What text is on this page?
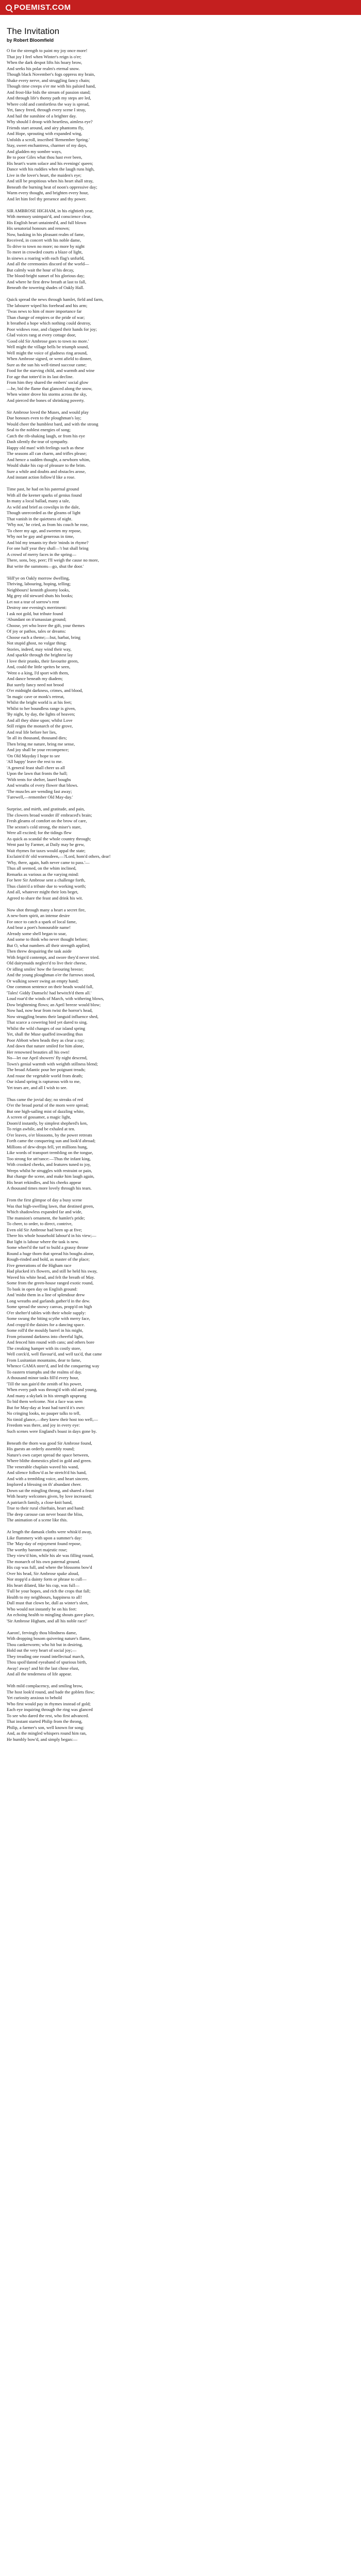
POEMIST.COM
The Invitation
by Robert Bloomfield
O for the strength to paint my joy once more!
That joy I feel when Winter's reign is o'er;
When the dark despot lifts his hoary brow,
And seeks his polar realm's eternal snow.
Though black November's fogs oppress my brain,
Shake every nerve, and struggling fancy chain;
Though time creeps o'er me with his palsied hand,
And frost-like bids the stream of passion stand;
And through life's thorny path my steps are led,
Where cold and comfortless the way is spread,
Yet, fancy freed, through every scene I stray,
And hail the sunshine of a brighter day.
Why should I droop with heartless, aimless eye?
Friends start around, and airy phantoms fly,
And Hope, sprouting with expanded wing,
Unfolds a scroll, inscribed 'Remember Spring.'
Stay, sweet enchantress, charmer of my days,
And gladden my sombre ways,
Be to poor Giles what thou hast ever been,
His heart's warm solace and his evenings' queen;
Dance with his ruddies when the laugh runs high,
Live in the lover's heart, the maiden's eye;
And still be propitious when his heart shall stray,
Beneath the burning heat of noon's oppressive day;
Warm every thought, and brighten every hour,
And let him feel thy presence and thy power.
SIR AMBROSE HIGHAM, in his eightieth year,
With memory unimpair'd, and conscience clear,
His English heart untainted'd, and full blown
His senatorial honours and renown;
Now, basking in his pleasant realm of fame,
Received, in concert with his noble dame,
To drive to town no more; no more by night
To meet in crowded courts a blaze of light,
In sinews a roaring with each flag's unfurld,
And all the ceremonies discord of the world—
But calmly wait the hour of his decay,
The blood-bright sunset of his glorious day;
And where he first drew breath at last to fall,
Beneath the towering shades of Oakly Hall.
Quick spread the news through hamlet, field and farm,
The labourer wiped his forehead and his arm;
'Twas news to him of more importance far
Than change of empires or the pride of war;
It breathed a hope which nothing could destroy,
Poor widows rose, and clapped their hands for joy;
Glad voices rang at every cottage door,
'Good old Sir Ambrose goes to town no more.'
Well might the village bells be triumph sound,
Well might the voice of gladness ring around,
When Ambrose signed, or went afield to dinner,
Sure as the sun his well-timed succour came;
Food for the starving child, and warmth and wine
For age that totter'd in its last decline.
From him they shared the embers' social glow
—he, bid the flame that glanced along the snow,
When winter drove his storms across the sky,
And pierced the bones of shrinking poverty.
Sir Ambrose loved the Muses, and would play
Due honours even to the ploughman's lay;
Would cheer the humblest bard, and with the strong
Seal to the noblest energies of song;
Catch the rib-shaking laugh, or from his eye
Dash silently the tear of sympathy.
Happy old man! with feelings such as these
The seasons all can charm, and trifles please;
And hence a sudden thought, a newborn whim,
Would shake his cup of pleasure to the brim.
Sure a while and doubts and obstacles arose,
And instant action follow'd like a rose.
Time past, he had on his paternal ground
With all the keener sparks of genius found
In many a local ballad, many a tale,
As wild and brief as cowslips in the dale,
Though unrecorded as the gleams of light
That vanish in the quietness of night.
'Why not,' he cried, as from his couch he rose,
'To cheer my age, and sweeten my repose,
Why not be gay and generous in time,
And bid my tenants try their 'minds in rhyme?
For one half year they shall—'t but shall bring
A crowd of merry faces in the spring—
There, sons, boy, peer; I'll weigh the cause no more,
But write the summons—go, shut the door.'
'Hill'ye on Oakly morrow dwelling,
Thriving, labouring, hoping, telling;
Neighbours! kennith gloomy looks,
Mg grey old steward shuts his books;
Let not a tear of sorrow's rent
Destroy one evening's merriment:
I ask not gold, but tribute found
'Abundant on it'umassian ground;
Choose, yet who leave the gift, your themes
Of joy or pathos, tales or dreams:
Choose each a theme;—but, harbat, bring
Not stupid ghost, no vulgar thing;
Stories, indeed, may wind their way,
And sparkle through the brightest lay
I love their pranks, their favourite green,
And, could the little sprites be seen,
'Went o a king, I'd sport with them,
And dance beneath my diadem;
But surely fancy need not brood
O'er midnight darkness, crimes, and blood,
'In magic cave or monk's retreat,
Whilst the bright world is at his feet;
Whilst to her boundless range is given,
'By night, by day, the lights of heaven;
And all they shine upon; whilst Love
Still reigns the monarch of the grove,
And real life before her lies,
'In all its thousand, thousand dies;
Then bring me nature, bring me sense,
And joy shall be your recompence;
'On Old Mayday I hope to see
'All happy' leave the rest to me.
'A general feast shall cheer us all
Upon the lawn that fronts the hall;
'With tents for shelter, laurel boughs
And wreaths of every flower that blows.
'The muscles are wending fast away;
'Farewell,—remember Old May-day.'
Surprise, and mirth, and gratitude, and pain,
The clowers broad wonder ill' embraced's brain;
Fresh gleams of comfort on the brow of care,
The sexton's cold strong, the miser's stare,
Were all excited; for the tidings flew
As quick as scandal the whole country through;
Went past by Farmer, at Daily may be grew,
Wait rhymes for taxes would appal the state;
Exclaim'd th' old wormsdeen,—?Lord, hom'd others, dear!
'Why, there, again, hath never came to pass.'—
Thus all seemed, on the whim inclined,
Remarks as various as the varying mind:
For here Sir Ambrose sent a challenge forth,
Thus claim'd a tribute due to working worth;
And all, whatever might their lots beget,
Agreed to share the feast and drink his wit.
Now shot through many a heart a secret fire,
A new-born spirit, an intense desire
For once to catch a spark of local fame,
And bear a poet's honourable name!
Already some shell began to soar,
And some to think who never thought before;
But O, what numbers all their strength applied;
Then threw despairing the task aside
With feign'd contempt, and swore they'd never tried.
Old dairymaids neglect'd to live their cheese,
Or idling smiles' how the favouring breeze;
And the young ploughman o'er the furrows stood,
Or walking sower swing an empty hand;
One common sentence on their heads would fall,
'Tales! Giddy Damsels! had bewitch'd them all.'
Loud roar'd the winds of March, with withering blows,
Dow brightening flows; an April breeze would blow;
Now had, now hear from twist the horror's head,
Now struggling beams their languid influence shed,
That scarce a cowering bird yet dared to sing.
Whilst the wild changes of our island spring
Yet, shall the Muse quaffed inwarding thus
Poor Abbott when heads they as clear a ray;
And dawn that nature smiled for him alone,
Her renowned beauties all his own!
No—let our April showers' fly night descend,
Town's genial warmth with weighth stillness blend;
The broad Atlantic pour her poignant treads;
And rouse the vegetable world from death;
Our island spring is rapturous with to me,
Yet tears are, and all I wish to see.
Thus came the jovial day; no streaks of red
O'er the broad portal of the morn were spread;
But one high-sailing mist of dazzling white,
A screen of gossamer, a magic light,
Doom'd instantly, by simplest shepherd's ken,
To reign awhile, and be exhaled at ten.
O'er leaves, o'er blossoms, by the power retreats
Forth came the conquering sun and look'd abroad;
Millions of dew-drops fell, yet millions hung,
Like words of transport trembling on the tongue,
Too strong for utt'rance:—Thus the infant king,
With crooked cheeks, and features tuned to joy,
Weeps whilst he struggles with restraint or pain,
But change the scene, and make him laugh again,
His heart rekindles, and his cheeks appear
A thousand times more lovely through his tears.
From the first glimpse of day a busy scene
Was that high-swelling lawn, that destined green,
Which shadowless expanded far and wide,
The mansion's ornament, the hamlet's pride;
To cheer, to order, to direct, contrive,
Even old Sir Ambrose had been up at five;
There his whole household labour'd in his view;—
But light is labour where the task is new.
Some wheel'd the turf to build a grassy throne
Round a huge thorn that spread his boughs alone,
Rough-rinded and bold, as master of the place;
Five generations of the Higham race
Had plucked it's flowers, and still he held his sway,
Waved his white head, and felt the breath of May.
Some from the green-house ranged exotic round,
To bask in open day on English ground:
And 'midst them in a line of splendour drew
Long wreaths and garlands gather'd in the dew.
Some spread the snowy canvas, propp'd on high
O'er shelter'd tables with their whole supply:
Some swung the biting scythe with merry face,
And cropp'd the daisies for a dancing space.
Some roll'd the mouldy barrel in his might,
From prisonnd darkness into cheerful light,
And fenced him round with cans; and others bore
The creaking hamper with its costly store,
Well corck'd, well flavour'd, and well tax'd, that came
From Lusitanian mountains, dear to fame,
Whence GAMA steer'd, and led the conquering way
To eastern triumphs and the realms of day.
A thousand minor tasks fill'd every hour,
'Till the sun gain'd the zenith of his power,
When every path was throng'd with old and young,
And many a skylark in his strength upsprung
To bid them welcome. Not a face was seen
But for May-day at least had turn'd it's own:
No cringing looks, no pauper talks to tell,
No timid glance,—they knew their host too well,—
Freedom was there, and joy in every eye:
Such scenes were England's boast in days gone by.
Beneath the thorn was good Sir Ambrose found,
His guests an orderly assembly round;
Nature's own carpet spread the space between,
Where blithe domestics plied in gold and green.
The venerable chaplain waved his wand,
And silence follow'd as he stretch'd his hand,
And with a trembling voice, and heart sincere,
Implored a blessing on th' abundant cheer.
Down sat the mingling throng, and shared a feast
With hearty welcomes given, by love increased;
A patriarch family, a close-knit band,
True to their rural chieftain, heart and hand:
The deep carouse can never boast the bliss,
The animation of a scene like this.
At length the damask cloths were whisk'd away,
Like flummery with upon a summer's day:
The 'May-day of enjoyment found repose,
The worthy baronet majestic rose;
They view'd him, while his ale was filling round,
The monarch of his own paternal ground.
His cup was full, and where the blossoms bow'd
Over his head, Sir Ambrose spake aloud,
Nor stopp'd a dainty form or phrase to cull—
His heart dilated, like his cup, was full—
'Full be your hopes, and rich the crops that fall;
Health to my neighbours, happiness to all!
Dull must that clown be, dull as winter's sleet,
Who would not instantly be on his feet:
An echoing health to mingling shouts gave place,
'Sir Ambrose Higham, and all his noble race!'
Aaeon!, fervingly thou blindness dame,
With dropping bosom quivering nature's flame,
Thou cankerworm; who hit but in desiring,
Hold out the very heart of social joy;—
They treading one round intellectual march,
Thou spoil'dannd eyeaband of spurious birth,
Away! away! and hit the last chose elust,
And all the tenderness of life appear.
With mild complacency, and smiling brow,
The host look'd round, and bade the goblets flow;
Yet curiosity anxious to behold
Who first would pay in rhymes instead of gold;
Each eye inquiring through the ring was glanced
To see who dared the rest, who first advanced.
That instant started Philip from the throng,
Philip, a farmer's son, well known for song:
And, as the mingled whispers round him ran,
He humbly bow'd, and simply began:—
